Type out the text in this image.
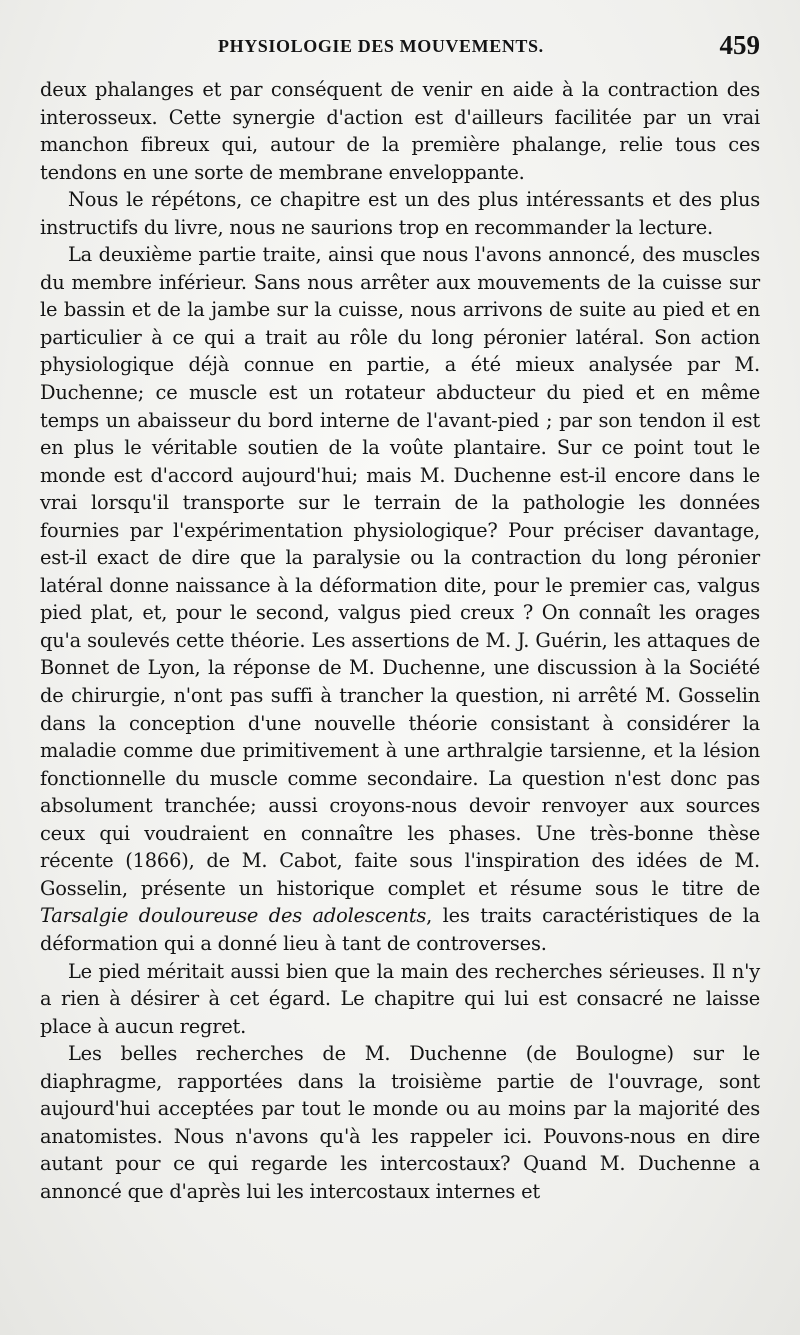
PHYSIOLOGIE DES MOUVEMENTS.	459

deux phalanges et par conséquent de venir en aide à la contraction des interosseux. Cette synergie d'action est d'ailleurs facilitée par un vrai manchon fibreux qui, autour de la première phalange, relie tous ces tendons en une sorte de membrane enveloppante.

Nous le répétons, ce chapitre est un des plus intéressants et des plus instructifs du livre, nous ne saurions trop en recommander la lecture.

La deuxième partie traite, ainsi que nous l'avons annoncé, des muscles du membre inférieur. Sans nous arrêter aux mouvements de la cuisse sur le bassin et de la jambe sur la cuisse, nous arrivons de suite au pied et en particulier à ce qui a trait au rôle du long péronier latéral. Son action physiologique déjà connue en partie, a été mieux analysée par M. Duchenne; ce muscle est un rotateur abducteur du pied et en même temps un abaisseur du bord interne de l'avant-pied ; par son tendon il est en plus le véritable soutien de la voûte plantaire. Sur ce point tout le monde est d'accord aujourd'hui; mais M. Duchenne est-il encore dans le vrai lorsqu'il transporte sur le terrain de la pathologie les données fournies par l'expérimentation physiologique? Pour préciser davantage, est-il exact de dire que la paralysie ou la contraction du long péronier latéral donne naissance à la déformation dite, pour le premier cas, valgus pied plat, et, pour le second, valgus pied creux ? On connaît les orages qu'a soulevés cette théorie. Les assertions de M. J. Guérin, les attaques de Bonnet de Lyon, la réponse de M. Duchenne, une discussion à la Société de chirurgie, n'ont pas suffi à trancher la question, ni arrêté M. Gosselin dans la conception d'une nouvelle théorie consistant à considérer la maladie comme due primitivement à une arthralgie tarsienne, et la lésion fonctionnelle du muscle comme secondaire. La question n'est donc pas absolument tranchée; aussi croyons-nous devoir renvoyer aux sources ceux qui voudraient en connaître les phases. Une très-bonne thèse récente (1866), de M. Cabot, faite sous l'inspiration des idées de M. Gosselin, présente un historique complet et résume sous le titre de Tarsalgie douloureuse des adolescents, les traits caractéristiques de la déformation qui a donné lieu à tant de controverses.

Le pied méritait aussi bien que la main des recherches sérieuses. Il n'y a rien à désirer à cet égard. Le chapitre qui lui est consacré ne laisse place à aucun regret.

Les belles recherches de M. Duchenne (de Boulogne) sur le diaphragme, rapportées dans la troisième partie de l'ouvrage, sont aujourd'hui acceptées par tout le monde ou au moins par la majorité des anatomistes. Nous n'avons qu'à les rappeler ici. Pouvons-nous en dire autant pour ce qui regarde les intercostaux? Quand M. Duchenne a annoncé que d'après lui les intercostaux internes et
